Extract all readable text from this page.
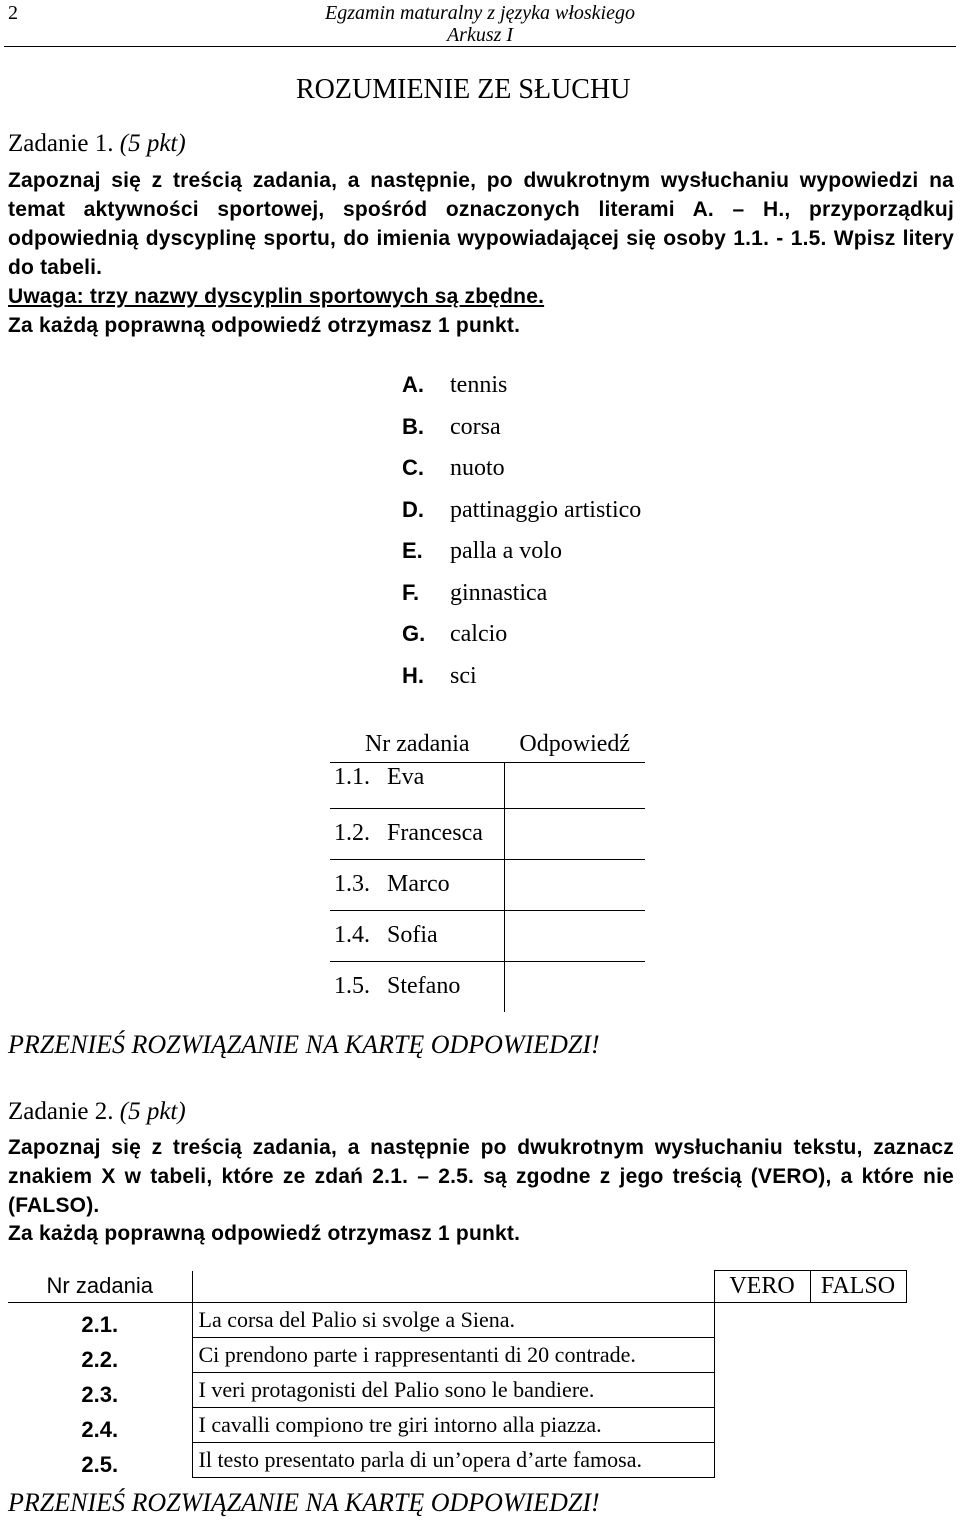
2	Egzamin maturalny z języka włoskiego
Arkusz I
ROZUMIENIE ZE SŁUCHU
Zadanie 1. (5 pkt)
Zapoznaj się z treścią zadania, a następnie, po dwukrotnym wysłuchaniu wypowiedzi na temat aktywności sportowej, spośród oznaczonych literami A. – H., przyporządkuj odpowiednią dyscyplinę sportu, do imienia wypowiadającej się osoby 1.1. - 1.5. Wpisz litery do tabeli.
Uwaga: trzy nazwy dyscyplin sportowych są zbędne.
Za każdą poprawną odpowiedź otrzymasz 1 punkt.
A. tennis
B. corsa
C. nuoto
D. pattinaggio artistico
E. palla a volo
F. ginnastica
G. calcio
H. sci
Nr zadania		Odpowiedź
1.1.	Eva	
1.2.	Francesca	
1.3.	Marco	
1.4.	Sofia	
1.5.	Stefano	
PRZENIEŚ ROZWIĄZANIE NA KARTĘ ODPOWIEDZI!
Zadanie 2. (5 pkt)
Zapoznaj się z treścią zadania, a następnie po dwukrotnym wysłuchaniu tekstu, zaznacz znakiem X w tabeli, które ze zdań 2.1. – 2.5. są zgodne z jego treścią (VERO), a które nie (FALSO).
Za każdą poprawną odpowiedź otrzymasz 1 punkt.
Nr zadania		VERO	FALSO
2.1.	La corsa del Palio si svolge a Siena.		
2.2.	Ci prendono parte i rappresentanti di 20 contrade.		
2.3.	I veri protagonisti del Palio sono le bandiere.		
2.4.	I cavalli compiono tre giri intorno alla piazza.		
2.5.	Il testo presentato parla di un’opera d’arte famosa.		
PRZENIEŚ ROZWIĄZANIE NA KARTĘ ODPOWIEDZI!
